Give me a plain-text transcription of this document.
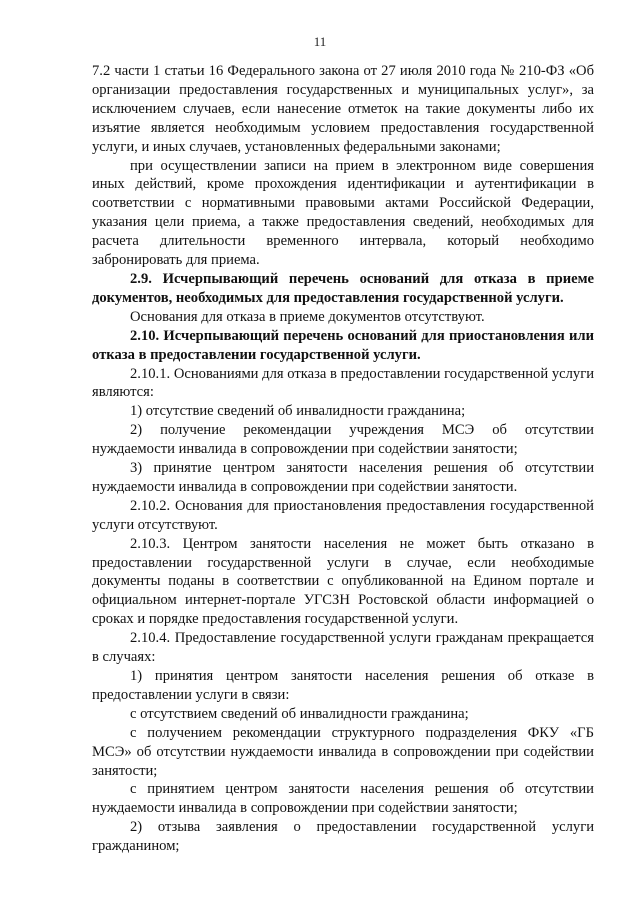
11

7.2 части 1 статьи 16 Федерального закона от 27 июля 2010 года № 210-ФЗ «Об организации предоставления государственных и муниципальных услуг», за исключением случаев, если нанесение отметок на такие документы либо их изъятие является необходимым условием предоставления государственной услуги, и иных случаев, установленных федеральными законами;

при осуществлении записи на прием в электронном виде совершения иных действий, кроме прохождения идентификации и аутентификации в соответствии с нормативными правовыми актами Российской Федерации, указания цели приема, а также предоставления сведений, необходимых для расчета длительности временного интервала, который необходимо забронировать для приема.

2.9. Исчерпывающий перечень оснований для отказа в приеме документов, необходимых для предоставления государственной услуги.

Основания для отказа в приеме документов отсутствуют.

2.10. Исчерпывающий перечень оснований для приостановления или отказа в предоставлении государственной услуги.

2.10.1. Основаниями для отказа в предоставлении государственной услуги являются:

1) отсутствие сведений об инвалидности гражданина;

2) получение рекомендации учреждения МСЭ об отсутствии нуждаемости инвалида в сопровождении при содействии занятости;

3) принятие центром занятости населения решения об отсутствии нуждаемости инвалида в сопровождении при содействии занятости.

2.10.2. Основания для приостановления предоставления государственной услуги отсутствуют.

2.10.3. Центром занятости населения не может быть отказано в предоставлении государственной услуги в случае, если необходимые документы поданы в соответствии с опубликованной на Едином портале и официальном интернет-портале УГСЗН Ростовской области информацией о сроках и порядке предоставления государственной услуги.

2.10.4. Предоставление государственной услуги гражданам прекращается в случаях:

1) принятия центром занятости населения решения об отказе в предоставлении услуги в связи:

с отсутствием сведений об инвалидности гражданина;

с получением рекомендации структурного подразделения ФКУ «ГБ МСЭ» об отсутствии нуждаемости инвалида в сопровождении при содействии занятости;

с принятием центром занятости населения решения об отсутствии нуждаемости инвалида в сопровождении при содействии занятости;

2) отзыва заявления о предоставлении государственной услуги гражданином;
